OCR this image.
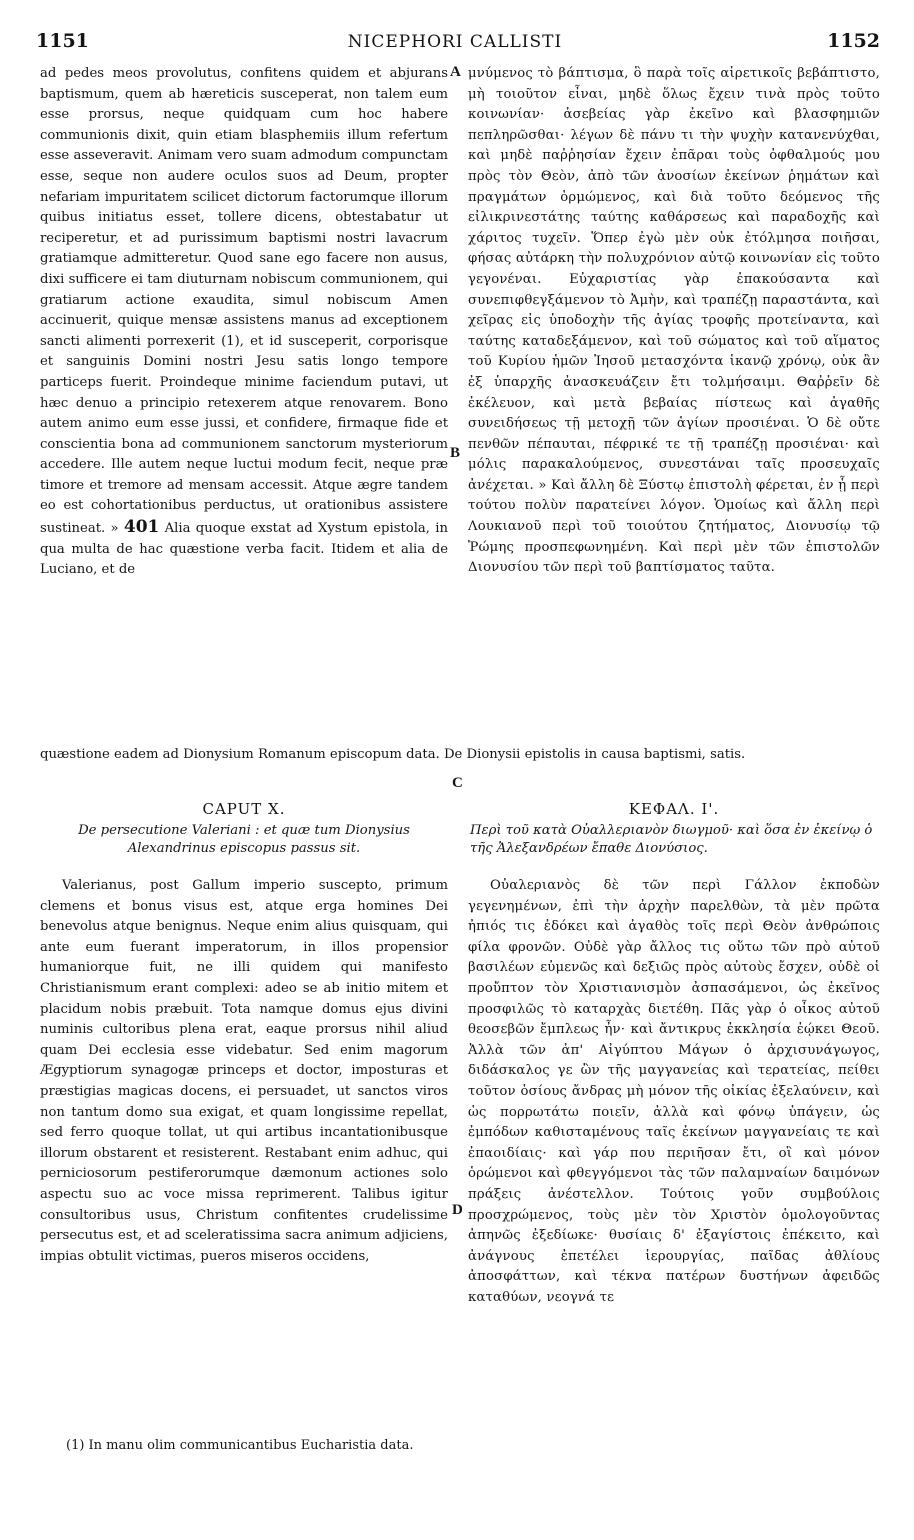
1151	NICEPHORI CALLISTI	1152

ad pedes meos provolutus, confitens quidem et abjurans baptismum, quem ab hæreticis susceperat, non talem eum esse prorsus, neque quidquam cum hoc habere communionis dixit, quin etiam blasphemiis illum refertum esse asseveravit. Animam vero suam admodum compunctam esse, seque non audere oculos suos ad Deum, propter nefariam impuritatem scilicet dictorum factorumque illorum quibus initiatus esset, tollere dicens, obtestabatur ut reciperetur, et ad purissimum baptismi nostri lavacrum gratiamque admitteretur. Quod sane ego facere non ausus, dixi sufficere ei tam diuturnam nobiscum communionem, qui gratiarum actione exaudita, simul nobiscum Amen accinuerit, quique mensæ assistens manus ad exceptionem sancti alimenti porrexerit (1), et id susceperit, corporisque et sanguinis Domini nostri Jesu satis longo tempore particeps fuerit. Proindeque minime faciendum putavi, ut hæc denuo a principio retexerem atque renovarem. Bono autem animo eum esse jussi, et confidere, firmaque fide et conscientia bona ad communionem sanctorum mysteriorum accedere. Ille autem neque luctui modum fecit, neque præ timore et tremore ad mensam accessit. Atque ægre tandem eo est cohortationibus perductus, ut orationibus assistere sustineat. » 401 Alia quoque exstat ad Xystum epistola, in qua multa de hac quæstione verba facit. Itidem et alia de Luciano, et de

μνύμενος τὸ βάπτισμα, ὃ παρὰ τοῖς αἱρετικοῖς βεβάπτιστο, μὴ τοιοῦτον εἶναι, μηδὲ ὅλως ἔχειν τινὰ πρὸς τοῦτο κοινωνίαν· ἀσεβείας γὰρ ἐκεῖνο καὶ βλασφημιῶν πεπληρῶσθαι· λέγων δὲ πάνυ τι τὴν ψυχὴν κατανενύχθαι, καὶ μηδὲ παῤῥησίαν ἔχειν ἐπᾶραι τοὺς ὀφθαλμούς μου πρὸς τὸν Θεὸν, ἀπὸ τῶν ἀνοσίων ἐκείνων ῥημάτων καὶ πραγμάτων ὁρμώμενος, καὶ διὰ τοῦτο δεόμενος τῆς εἰλικρινεστάτης ταύτης καθάρσεως καὶ παραδοχῆς καὶ χάριτος τυχεῖν. Ὅπερ ἐγὼ μὲν οὐκ ἐτόλμησα ποιῆσαι, φήσας αὐτάρκη τὴν πολυχρόνιον αὐτῷ κοινωνίαν εἰς τοῦτο γεγονέναι. Εὐχαριστίας γὰρ ἐπακούσαντα καὶ συνεπιφθεγξάμενον τὸ Ἀμὴν, καὶ τραπέζῃ παραστάντα, καὶ χεῖρας εἰς ὑποδοχὴν τῆς ἁγίας τροφῆς προτείναντα, καὶ ταύτης καταδεξάμενον, καὶ τοῦ σώματος καὶ τοῦ αἵματος τοῦ Κυρίου ἡμῶν Ἰησοῦ μετασχόντα ἱκανῷ χρόνῳ, οὐκ ἂν ἐξ ὑπαρχῆς ἀνασκευάζειν ἔτι τολμήσαιμι. Θαῤῥεῖν δὲ ἐκέλευον, καὶ μετὰ βεβαίας πίστεως καὶ ἀγαθῆς συνειδήσεως τῇ μετοχῇ τῶν ἁγίων προσιέναι. Ὁ δὲ οὔτε πενθῶν πέπαυται, πέφρικέ τε τῇ τραπέζῃ προσιέναι· καὶ μόλις παρακαλούμενος, συνεστάναι ταῖς προσευχαῖς ἀνέχεται. » Καὶ ἄλλη δὲ Ξύστῳ ἐπιστολὴ φέρεται, ἐν ᾗ περὶ τούτου πολὺν παρατείνει λόγον. Ὁμοίως καὶ ἄλλη περὶ Λουκιανοῦ περὶ τοῦ τοιούτου ζητήματος, Διονυσίῳ τῷ Ῥώμης προσπεφωνημένη. Καὶ περὶ μὲν τῶν ἐπιστολῶν Διονυσίου τῶν περὶ τοῦ βαπτίσματος ταῦτα.

A
B
C
D

quæstione eadem ad Dionysium Romanum episcopum data. De Dionysii epistolis in causa baptismi, satis.

CAPUT X.
De persecutione Valeriani : et quæ tum Dionysius Alexandrinus episcopus passus sit.
ΚΕΦΑΛ. Ι'.
Περὶ τοῦ κατὰ Οὐαλλεριανὸν διωγμοῦ· καὶ ὅσα ἐν ἐκείνῳ ὁ τῆς Ἀλεξανδρέων ἔπαθε Διονύσιος.

Valerianus, post Gallum imperio suscepto, primum clemens et bonus visus est, atque erga homines Dei benevolus atque benignus. Neque enim alius quisquam, qui ante eum fuerant imperatorum, in illos propensior humaniorque fuit, ne illi quidem qui manifesto Christianismum erant complexi: adeo se ab initio mitem et placidum nobis præbuit. Tota namque domus ejus divini numinis cultoribus plena erat, eaque prorsus nihil aliud quam Dei ecclesia esse videbatur. Sed enim magorum Ægyptiorum synagogæ princeps et doctor, imposturas et præstigias magicas docens, ei persuadet, ut sanctos viros non tantum domo sua exigat, et quam longissime repellat, sed ferro quoque tollat, ut qui artibus incantationibusque illorum obstarent et resisterent. Restabant enim adhuc, qui perniciosorum pestiferorumque dæmonum actiones solo aspectu suo ac voce missa reprimerent. Talibus igitur consultoribus usus, Christum confitentes crudelissime persecutus est, et ad sceleratissima sacra animum adjiciens, impias obtulit victimas, pueros miseros occidens,

Οὐαλεριανὸς δὲ τῶν περὶ Γάλλον ἐκποδὼν γεγενημένων, ἐπὶ τὴν ἀρχὴν παρελθὼν, τὰ μὲν πρῶτα ἠπιός τις ἐδόκει καὶ ἀγαθὸς τοῖς περὶ Θεὸν ἀνθρώποις φίλα φρονῶν. Οὐδὲ γὰρ ἄλλος τις οὕτω τῶν πρὸ αὐτοῦ βασιλέων εὐμενῶς καὶ δεξιῶς πρὸς αὐτοὺς ἔσχεν, οὐδὲ οἱ προὔπτον τὸν Χριστιανισμὸν ἀσπασάμενοι, ὡς ἐκεῖνος προσφιλῶς τὸ καταρχὰς διετέθη. Πᾶς γὰρ ὁ οἶκος αὐτοῦ θεοσεβῶν ἔμπλεως ἦν· καὶ ἄντικρυς ἐκκλησία ἐῴκει Θεοῦ. Ἀλλὰ τῶν ἀπ' Αἰγύπτου Μάγων ὁ ἀρχισυνάγωγος, διδάσκαλος γε ὢν τῆς μαγγανείας καὶ τερατείας, πείθει τοῦτον ὁσίους ἄνδρας μὴ μόνον τῆς οἰκίας ἐξελαύνειν, καὶ ὡς πορρωτάτω ποιεῖν, ἀλλὰ καὶ φόνῳ ὑπάγειν, ὡς ἐμπόδων καθισταμένους ταῖς ἐκείνων μαγγανείαις τε καὶ ἐπαοιδίαις· καὶ γάρ που περιῆσαν ἔτι, οἳ καὶ μόνον ὁρώμενοι καὶ φθεγγόμενοι τὰς τῶν παλαμναίων δαιμόνων πράξεις ἀνέστελλον. Τούτοις γοῦν συμβούλοις προσχρώμενος, τοὺς μὲν τὸν Χριστὸν ὁμολογοῦντας ἀπηνῶς ἐξεδίωκε· θυσίαις δ' ἐξαγίστοις ἐπέκειτο, καὶ ἀνάγνους ἐπετέλει ἱερουργίας, παῖδας ἀθλίους ἀποσφάττων, καὶ τέκνα πατέρων δυστήνων ἀφειδῶς καταθύων, νεογνά τε

(1) In manu olim communicantibus Eucharistia data.
